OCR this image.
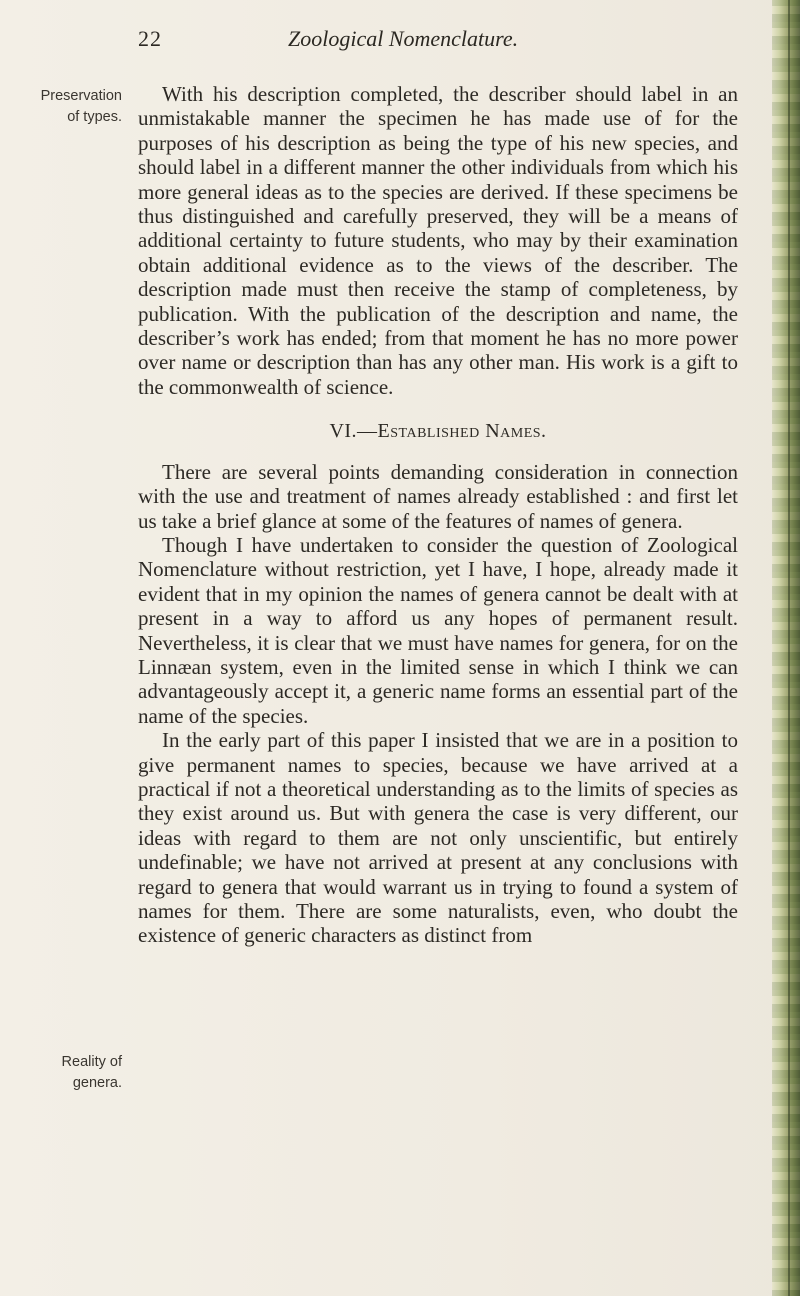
22	Zoological Nomenclature.
Preservation
of types.
Reality of
genera.

With his description completed, the describer should label in an unmistakable manner the specimen he has made use of for the purposes of his description as being the type of his new species, and should label in a different manner the other individuals from which his more general ideas as to the species are derived. If these specimens be thus distinguished and carefully preserved, they will be a means of additional certainty to future students, who may by their examination obtain additional evidence as to the views of the describer. The description made must then receive the stamp of completeness, by publication. With the publication of the description and name, the describer’s work has ended; from that moment he has no more power over name or description than has any other man. His work is a gift to the commonwealth of science.

VI.—Established Names.

There are several points demanding consideration in connection with the use and treatment of names already established : and first let us take a brief glance at some of the features of names of genera.

Though I have undertaken to consider the question of Zoological Nomenclature without restriction, yet I have, I hope, already made it evident that in my opinion the names of genera cannot be dealt with at present in a way to afford us any hopes of permanent result. Nevertheless, it is clear that we must have names for genera, for on the Linnæan system, even in the limited sense in which I think we can advantageously accept it, a generic name forms an essential part of the name of the species.

In the early part of this paper I insisted that we are in a position to give permanent names to species, because we have arrived at a practical if not a theoretical understanding as to the limits of species as they exist around us. But with genera the case is very different, our ideas with regard to them are not only unscientific, but entirely undefinable; we have not arrived at present at any conclusions with regard to genera that would warrant us in trying to found a system of names for them. There are some naturalists, even, who doubt the existence of generic characters as distinct from
